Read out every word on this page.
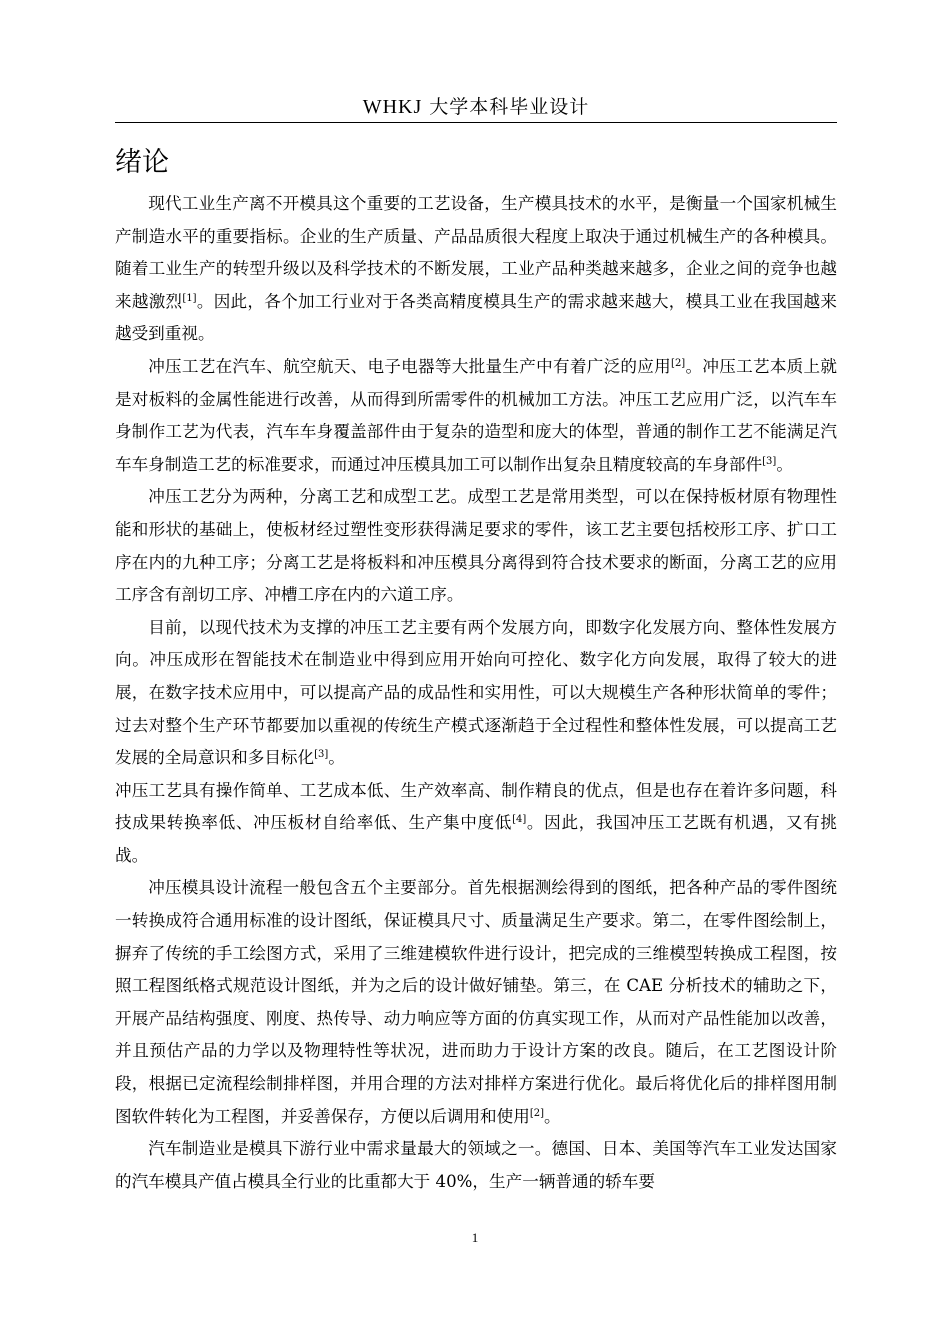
WHKJ 大学本科毕业设计
绪论

现代工业生产离不开模具这个重要的工艺设备，生产模具技术的水平，是衡量一个国家机械生产制造水平的重要指标。企业的生产质量、产品品质很大程度上取决于通过机械生产的各种模具。随着工业生产的转型升级以及科学技术的不断发展，工业产品种类越来越多，企业之间的竞争也越来越激烈[1]。因此，各个加工行业对于各类高精度模具生产的需求越来越大，模具工业在我国越来越受到重视。

冲压工艺在汽车、航空航天、电子电器等大批量生产中有着广泛的应用[2]。冲压工艺本质上就是对板料的金属性能进行改善，从而得到所需零件的机械加工方法。冲压工艺应用广泛，以汽车车身制作工艺为代表，汽车车身覆盖部件由于复杂的造型和庞大的体型，普通的制作工艺不能满足汽车车身制造工艺的标准要求，而通过冲压模具加工可以制作出复杂且精度较高的车身部件[3]。

冲压工艺分为两种，分离工艺和成型工艺。成型工艺是常用类型，可以在保持板材原有物理性能和形状的基础上，使板材经过塑性变形获得满足要求的零件，该工艺主要包括校形工序、扩口工序在内的九种工序；分离工艺是将板料和冲压模具分离得到符合技术要求的断面，分离工艺的应用工序含有剖切工序、冲槽工序在内的六道工序。

目前，以现代技术为支撑的冲压工艺主要有两个发展方向，即数字化发展方向、整体性发展方向。冲压成形在智能技术在制造业中得到应用开始向可控化、数字化方向发展，取得了较大的进展，在数字技术应用中，可以提高产品的成品性和实用性，可以大规模生产各种形状简单的零件；过去对整个生产环节都要加以重视的传统生产模式逐渐趋于全过程性和整体性发展，可以提高工艺发展的全局意识和多目标化[3]。

冲压工艺具有操作简单、工艺成本低、生产效率高、制作精良的优点，但是也存在着许多问题，科技成果转换率低、冲压板材自给率低、生产集中度低[4]。因此，我国冲压工艺既有机遇，又有挑战。

冲压模具设计流程一般包含五个主要部分。首先根据测绘得到的图纸，把各种产品的零件图统一转换成符合通用标准的设计图纸，保证模具尺寸、质量满足生产要求。第二，在零件图绘制上，摒弃了传统的手工绘图方式，采用了三维建模软件进行设计，把完成的三维模型转换成工程图，按照工程图纸格式规范设计图纸，并为之后的设计做好铺垫。第三，在 CAE 分析技术的辅助之下，开展产品结构强度、刚度、热传导、动力响应等方面的仿真实现工作，从而对产品性能加以改善，并且预估产品的力学以及物理特性等状况，进而助力于设计方案的改良。随后，在工艺图设计阶段，根据已定流程绘制排样图，并用合理的方法对排样方案进行优化。最后将优化后的排样图用制图软件转化为工程图，并妥善保存，方便以后调用和使用[2]。

汽车制造业是模具下游行业中需求量最大的领域之一。德国、日本、美国等汽车工业发达国家的汽车模具产值占模具全行业的比重都大于 40%，生产一辆普通的轿车要

1
